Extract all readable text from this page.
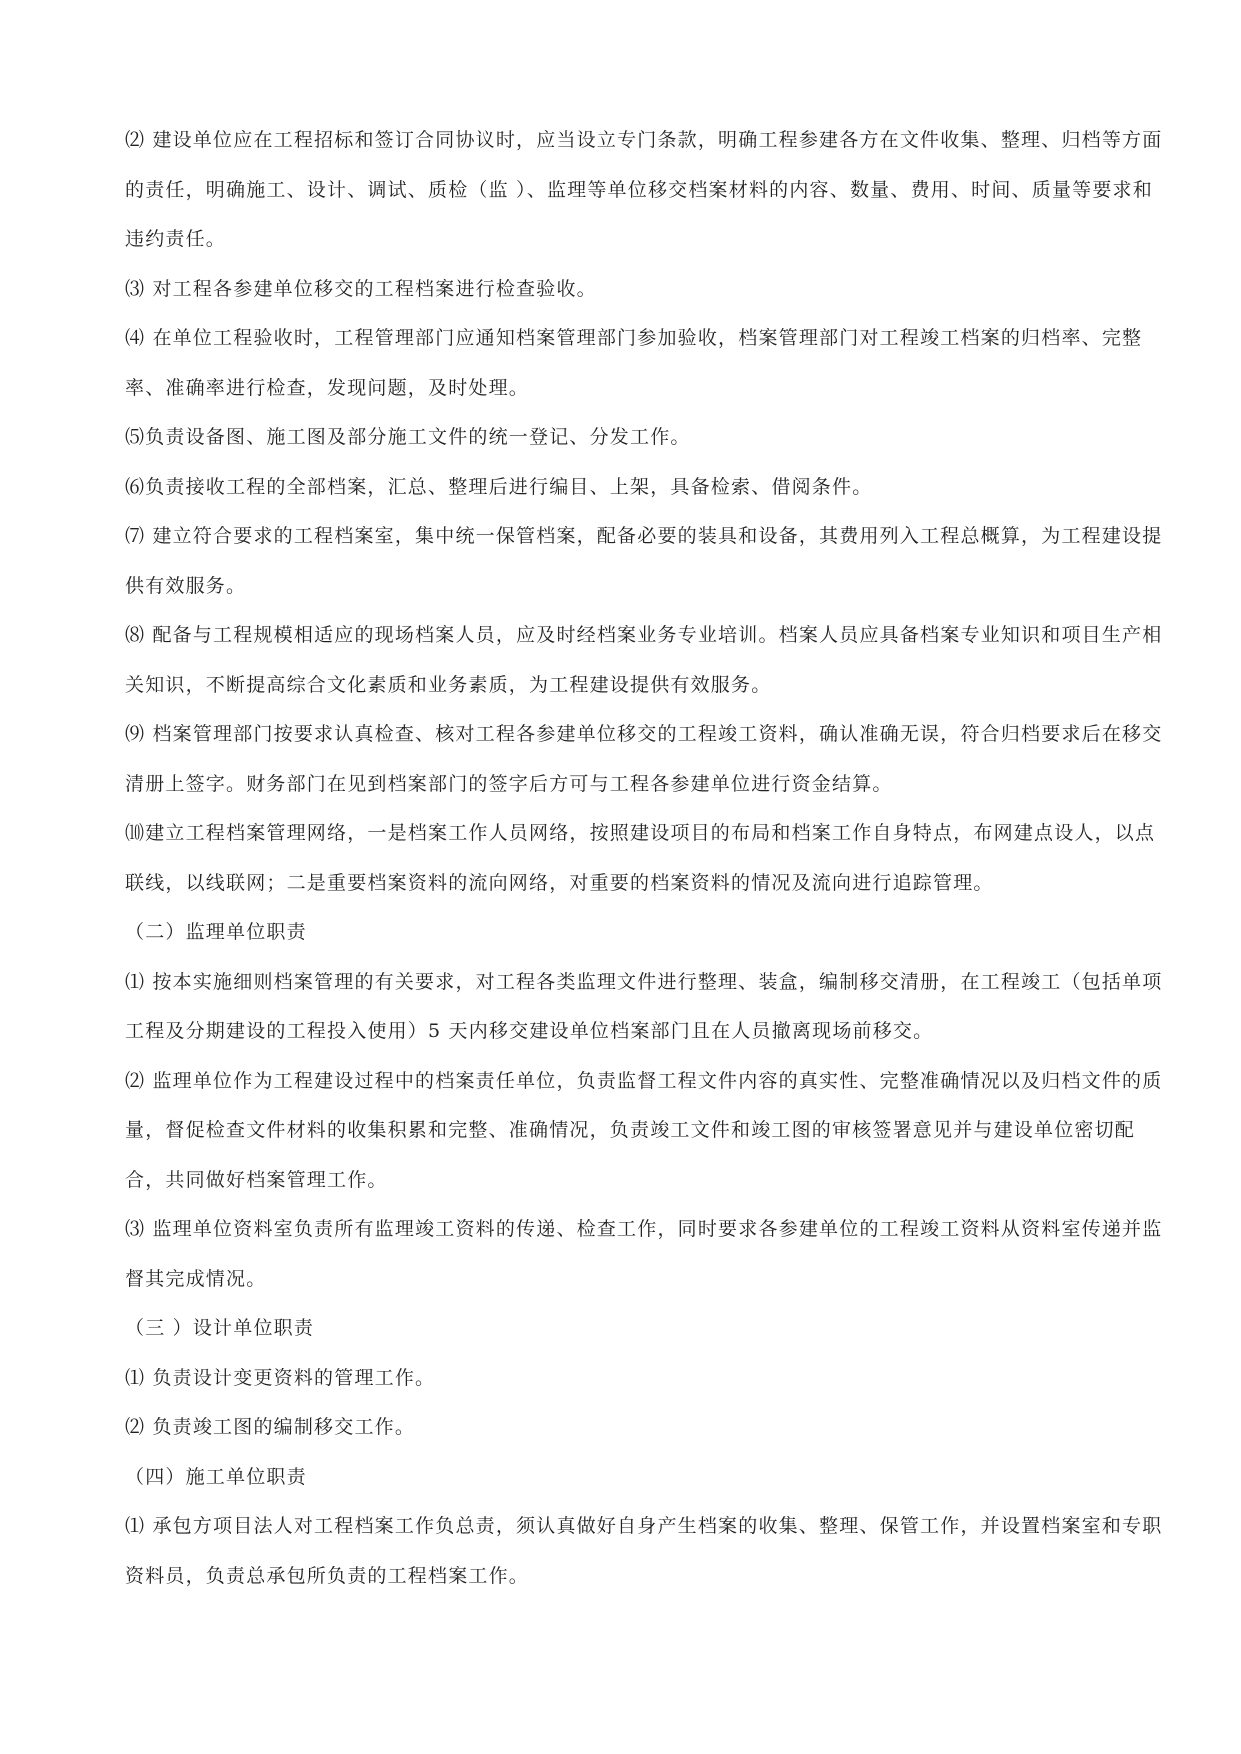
⑵ 建设单位应在工程招标和签订合同协议时，应当设立专门条款，明确工程参建各方在文件收集、整理、归档等方面的责任，明确施工、设计、调试、质检（监 ）、监理等单位移交档案材料的内容、数量、费用、时间、质量等要求和违约责任。

⑶ 对工程各参建单位移交的工程档案进行检查验收。

⑷ 在单位工程验收时，工程管理部门应通知档案管理部门参加验收，档案管理部门对工程竣工档案的归档率、完整率、准确率进行检查，发现问题，及时处理。

⑸负责设备图、施工图及部分施工文件的统一登记、分发工作。

⑹负责接收工程的全部档案，汇总、整理后进行编目、上架，具备检索、借阅条件。

⑺ 建立符合要求的工程档案室，集中统一保管档案，配备必要的装具和设备，其费用列入工程总概算，为工程建设提供有效服务。

⑻ 配备与工程规模相适应的现场档案人员，应及时经档案业务专业培训。档案人员应具备档案专业知识和项目生产相关知识，不断提高综合文化素质和业务素质，为工程建设提供有效服务。

⑼ 档案管理部门按要求认真检查、核对工程各参建单位移交的工程竣工资料，确认准确无误，符合归档要求后在移交清册上签字。财务部门在见到档案部门的签字后方可与工程各参建单位进行资金结算。

⑽建立工程档案管理网络，一是档案工作人员网络，按照建设项目的布局和档案工作自身特点，布网建点设人，以点联线，以线联网；二是重要档案资料的流向网络，对重要的档案资料的情况及流向进行追踪管理。

（二）监理单位职责

⑴ 按本实施细则档案管理的有关要求，对工程各类监理文件进行整理、装盒，编制移交清册，在工程竣工（包括单项工程及分期建设的工程投入使用）5 天内移交建设单位档案部门且在人员撤离现场前移交。

⑵ 监理单位作为工程建设过程中的档案责任单位，负责监督工程文件内容的真实性、完整准确情况以及归档文件的质量，督促检查文件材料的收集积累和完整、准确情况，负责竣工文件和竣工图的审核签署意见并与建设单位密切配合，共同做好档案管理工作。

⑶ 监理单位资料室负责所有监理竣工资料的传递、检查工作，同时要求各参建单位的工程竣工资料从资料室传递并监督其完成情况。

（三 ）设计单位职责

⑴ 负责设计变更资料的管理工作。

⑵ 负责竣工图的编制移交工作。

（四）施工单位职责

⑴ 承包方项目法人对工程档案工作负总责，须认真做好自身产生档案的收集、整理、保管工作，并设置档案室和专职资料员，负责总承包所负责的工程档案工作。
